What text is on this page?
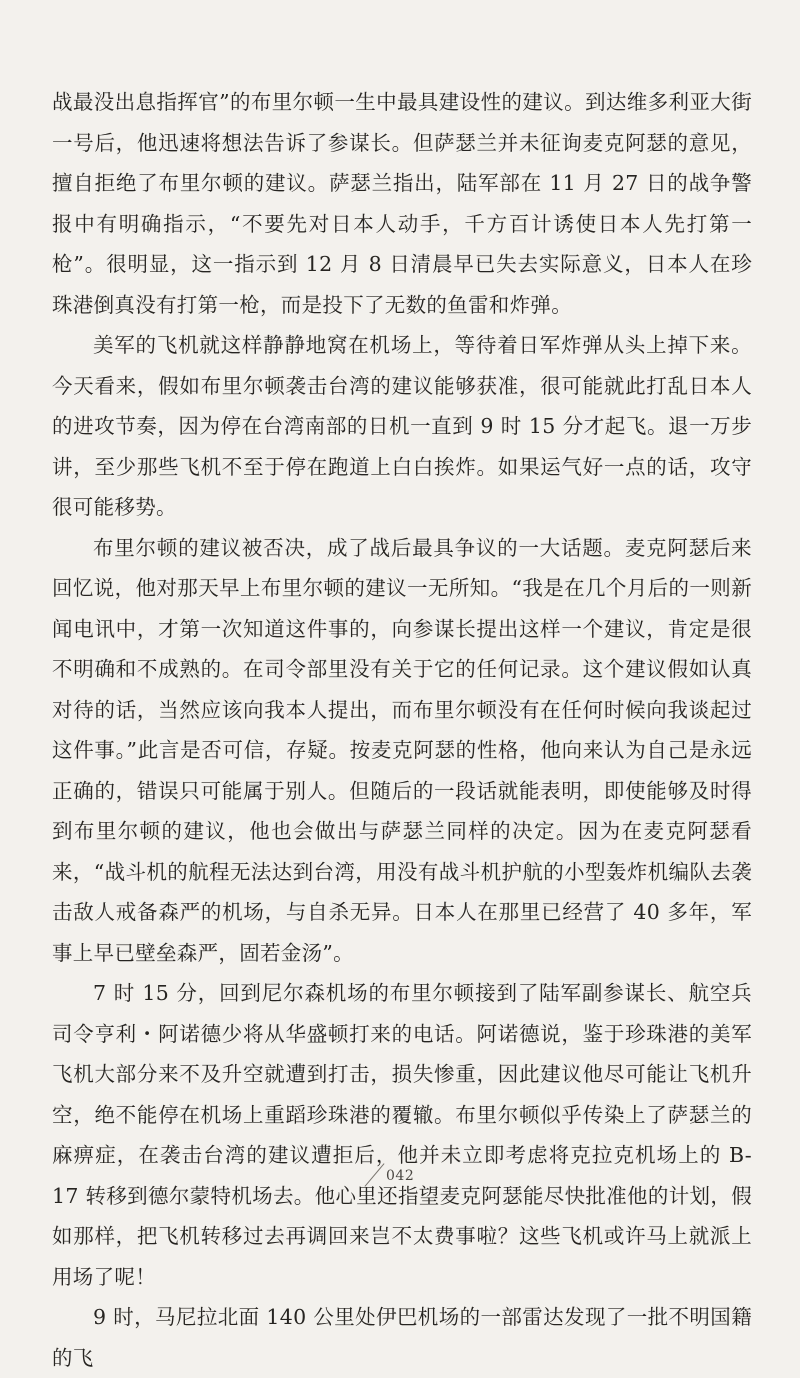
战最没出息指挥官”的布里尔顿一生中最具建设性的建议。到达维多利亚大街一号后，他迅速将想法告诉了参谋长。但萨瑟兰并未征询麦克阿瑟的意见，擅自拒绝了布里尔顿的建议。萨瑟兰指出，陆军部在 11 月 27 日的战争警报中有明确指示，“不要先对日本人动手，千方百计诱使日本人先打第一枪”。很明显，这一指示到 12 月 8 日清晨早已失去实际意义，日本人在珍珠港倒真没有打第一枪，而是投下了无数的鱼雷和炸弹。

美军的飞机就这样静静地窝在机场上，等待着日军炸弹从头上掉下来。今天看来，假如布里尔顿袭击台湾的建议能够获准，很可能就此打乱日本人的进攻节奏，因为停在台湾南部的日机一直到 9 时 15 分才起飞。退一万步讲，至少那些飞机不至于停在跑道上白白挨炸。如果运气好一点的话，攻守很可能移势。

布里尔顿的建议被否决，成了战后最具争议的一大话题。麦克阿瑟后来回忆说，他对那天早上布里尔顿的建议一无所知。“我是在几个月后的一则新闻电讯中，才第一次知道这件事的，向参谋长提出这样一个建议，肯定是很不明确和不成熟的。在司令部里没有关于它的任何记录。这个建议假如认真对待的话，当然应该向我本人提出，而布里尔顿没有在任何时候向我谈起过这件事。”此言是否可信，存疑。按麦克阿瑟的性格，他向来认为自己是永远正确的，错误只可能属于别人。但随后的一段话就能表明，即使能够及时得到布里尔顿的建议，他也会做出与萨瑟兰同样的决定。因为在麦克阿瑟看来，“战斗机的航程无法达到台湾，用没有战斗机护航的小型轰炸机编队去袭击敌人戒备森严的机场，与自杀无异。日本人在那里已经营了 40 多年，军事上早已壁垒森严，固若金汤”。

7 时 15 分，回到尼尔森机场的布里尔顿接到了陆军副参谋长、航空兵司令亨利・阿诺德少将从华盛顿打来的电话。阿诺德说，鉴于珍珠港的美军飞机大部分来不及升空就遭到打击，损失惨重，因此建议他尽可能让飞机升空，绝不能停在机场上重蹈珍珠港的覆辙。布里尔顿似乎传染上了萨瑟兰的麻痹症，在袭击台湾的建议遭拒后，他并未立即考虑将克拉克机场上的 B-17 转移到德尔蒙特机场去。他心里还指望麦克阿瑟能尽快批准他的计划，假如那样，把飞机转移过去再调回来岂不太费事啦？这些飞机或许马上就派上用场了呢！

9 时，马尼拉北面 140 公里处伊巴机场的一部雷达发现了一批不明国籍的飞

042
